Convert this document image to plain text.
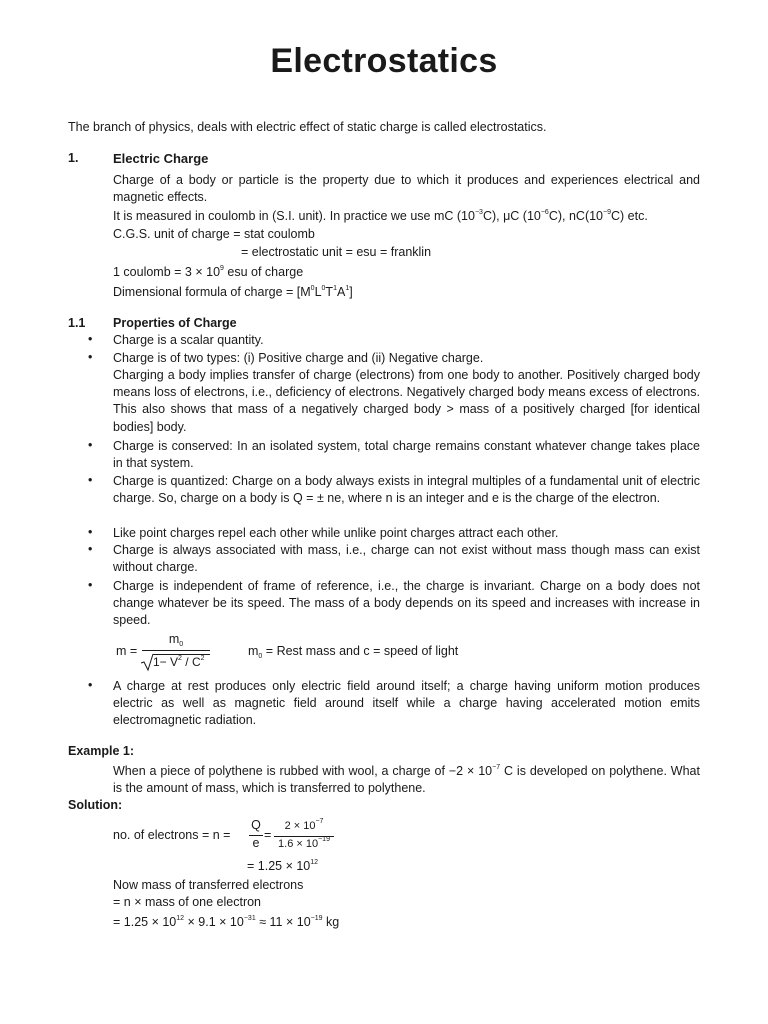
Electrostatics
The branch of physics, deals with electric effect of static charge is called electrostatics.
1.	Electric Charge
Charge of a body or particle is the property due to which it produces and experiences electrical and magnetic effects.
It is measured in coulomb in (S.I. unit). In practice we use mC $(10^{-3}C)$, μC $(10^{-6}C)$, $nC(10^{-9}C)$ etc.
C.G.S. unit of charge = stat coulomb
= electrostatic unit = esu = franklin
1 coulomb = $3 \times 10^9$ esu of charge
Dimensional formula of charge = $[M^0L^0T^1A^1]$
1.1 Properties of Charge
• Charge is a scalar quantity.
• Charge is of two types: (i) Positive charge and (ii) Negative charge.
Charging a body implies transfer of charge (electrons) from one body to another. Positively charged body means loss of electrons, i.e., deficiency of electrons. Negatively charged body means excess of electrons. This also shows that mass of a negatively charged body > mass of a positively charged [for identical bodies] body.
• Charge is conserved: In an isolated system, total charge remains constant whatever change takes place in that system.
• Charge is quantized: Charge on a body always exists in integral multiples of a fundamental unit of electric charge. So, charge on a body is Q = ± ne, where n is an integer and e is the charge of the electron.
• Like point charges repel each other while unlike point charges attract each other.
• Charge is always associated with mass, i.e., charge can not exist without mass though mass can exist without charge.
• Charge is independent of frame of reference, i.e., the charge is invariant. Charge on a body does not change whatever be its speed. The mass of a body depends on its speed and increases with increase in speed.
m =
$m_0$
$1- V^2 / C^2$
$m_0$ = Rest mass and c = speed of light
• A charge at rest produces only electric field around itself; a charge having uniform motion produces electric as well as magnetic field around itself while a charge having accelerated motion emits electromagnetic radiation.
Example 1:
When a piece of polythene is rubbed with wool, a charge of $-2 \times 10^{-7}$ C is developed on polythene. What is the amount of mass, which is transferred to polythene.
Solution:
no. of electrons = n =
Q
e
=
$2 \times 10^{-7}$
$1.6 \times 10^{-19}$
= $1.25 \times 10^{12}$
Now mass of transferred electrons
= n × mass of one electron
= $1.25 \times 10^{12} \times 9.1 \times 10^{-31} \approx 11 \times 10^{-19}$ kg
